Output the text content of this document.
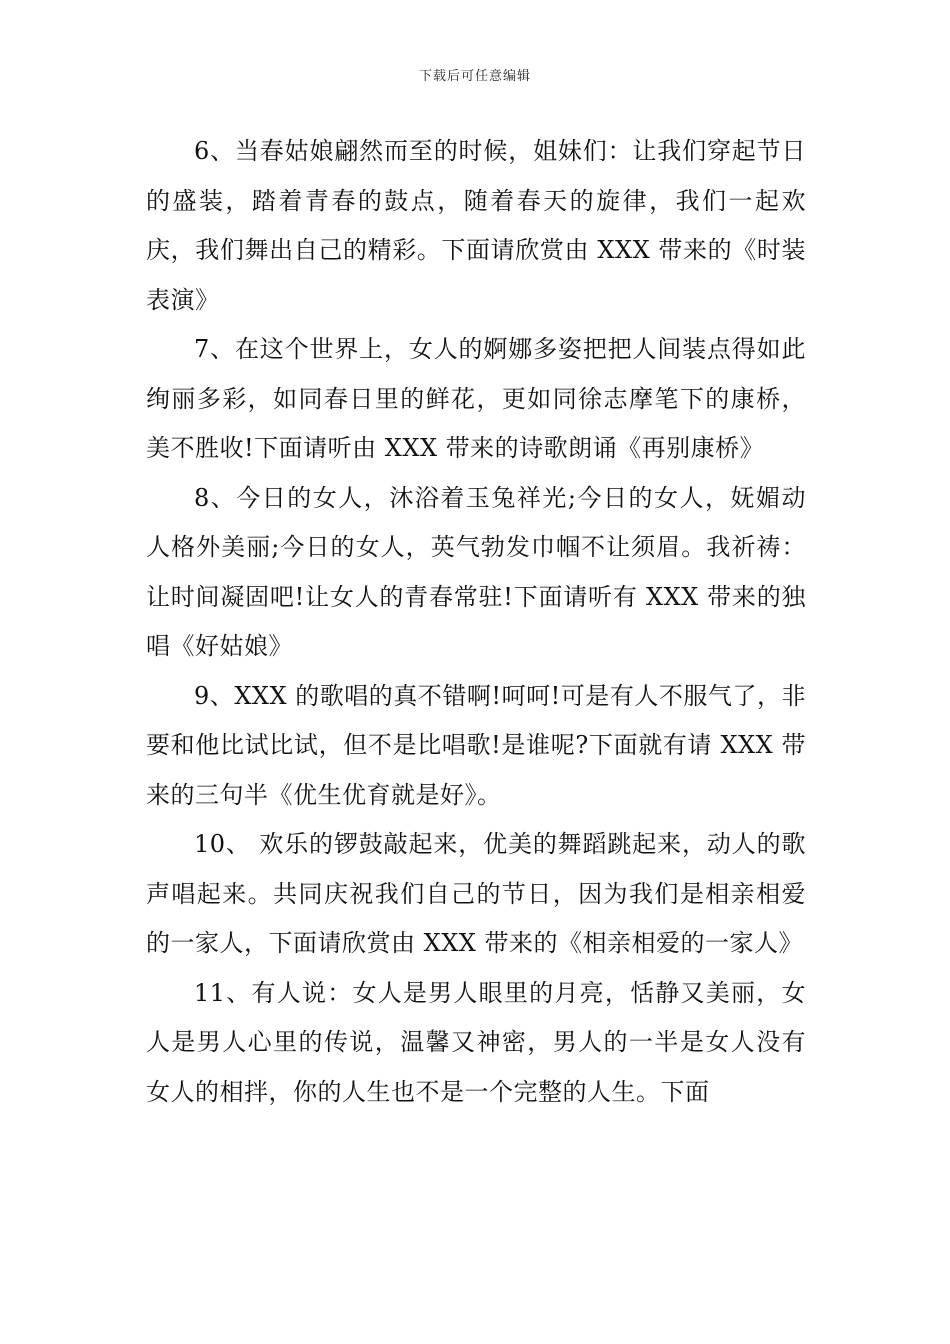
下载后可任意编辑

6、当春姑娘翩然而至的时候，姐妹们：让我们穿起节日的盛装，踏着青春的鼓点，随着春天的旋律，我们一起欢庆，我们舞出自己的精彩。下面请欣赏由 XXX 带来的《时装表演》

7、在这个世界上，女人的婀娜多姿把把人间装点得如此绚丽多彩，如同春日里的鲜花，更如同徐志摩笔下的康桥，美不胜收!下面请听由 XXX 带来的诗歌朗诵《再别康桥》

8、今日的女人，沐浴着玉兔祥光;今日的女人，妩媚动人格外美丽;今日的女人，英气勃发巾帼不让须眉。我祈祷：让时间凝固吧!让女人的青春常驻!下面请听有 XXX 带来的独唱《好姑娘》

9、XXX 的歌唱的真不错啊!呵呵!可是有人不服气了，非要和他比试比试，但不是比唱歌!是谁呢?下面就有请 XXX 带来的三句半《优生优育就是好》。

10、 欢乐的锣鼓敲起来，优美的舞蹈跳起来，动人的歌声唱起来。共同庆祝我们自己的节日，因为我们是相亲相爱的一家人，下面请欣赏由 XXX 带来的《相亲相爱的一家人》

11、有人说：女人是男人眼里的月亮，恬静又美丽，女人是男人心里的传说，温馨又神密，男人的一半是女人没有女人的相拌，你的人生也不是一个完整的人生。下面
